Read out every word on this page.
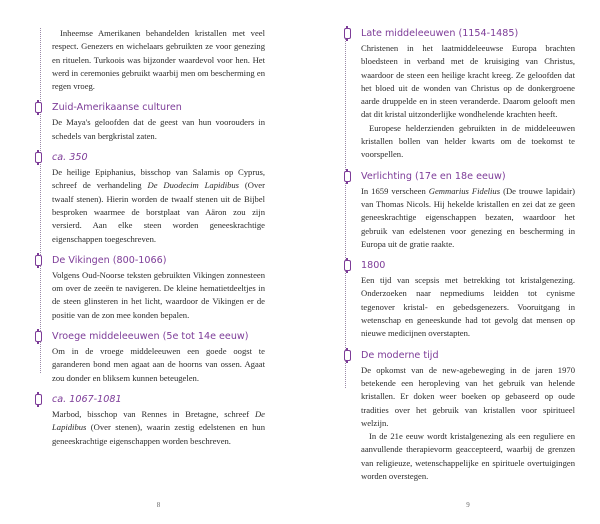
Inheemse Amerikanen behandelden kristallen met veel respect. Genezers en wichelaars gebruikten ze voor genezing en rituelen. Turkoois was bijzonder waardevol voor hen. Het werd in ceremonies gebruikt waarbij men om bescherming en regen vroeg.

Zuid-Amerikaanse culturen

De Maya's geloofden dat de geest van hun voorouders in schedels van bergkristal zaten.

ca. 350

De heilige Epiphanius, bisschop van Salamis op Cyprus, schreef de verhandeling De Duodecim Lapidibus (Over twaalf stenen). Hierin worden de twaalf stenen uit de Bijbel besproken waarmee de borstplaat van Aäron zou zijn versierd. Aan elke steen worden geneeskrachtige eigenschappen toegeschreven.

De Vikingen (800-1066)

Volgens Oud-Noorse teksten gebruikten Vikingen zonnesteen om over de zeeën te navigeren. De kleine hematietdeeltjes in de steen glinsteren in het licht, waardoor de Vikingen er de positie van de zon mee konden bepalen.

Vroege middeleeuwen (5e tot 14e eeuw)

Om in de vroege middeleeuwen een goede oogst te garanderen bond men agaat aan de hoorns van ossen. Agaat zou donder en bliksem kunnen beteugelen.

ca. 1067-1081

Marbod, bisschop van Rennes in Bretagne, schreef De Lapidibus (Over stenen), waarin zestig edelstenen en hun geneeskrachtige eigenschappen worden beschreven.

8
Late middeleeuwen (1154-1485)

Christenen in het laatmiddeleeuwse Europa brachten bloedsteen in verband met de kruisiging van Christus, waardoor de steen een heilige kracht kreeg. Ze geloofden dat het bloed uit de wonden van Christus op de donkergroene aarde druppelde en in steen veranderde. Daarom gelooft men dat dit kristal uitzonderlijke wondhelende krachten heeft.

Europese helderzienden gebruikten in de middeleeuwen kristallen bollen van helder kwarts om de toekomst te voorspellen.

Verlichting (17e en 18e eeuw)

In 1659 verscheen Gemmarius Fidelius (De trouwe lapidair) van Thomas Nicols. Hij hekelde kristallen en zei dat ze geen geneeskrachtige eigenschappen bezaten, waardoor het gebruik van edelstenen voor genezing en bescherming in Europa uit de gratie raakte.

1800

Een tijd van scepsis met betrekking tot kristalgenezing. Onderzoeken naar nepmediums leidden tot cynisme tegenover kristal- en gebedsgenezers. Vooruitgang in wetenschap en geneeskunde had tot gevolg dat mensen op nieuwe medicijnen overstapten.

De moderne tijd

De opkomst van de new-agebeweging in de jaren 1970 betekende een heropleving van het gebruik van helende kristallen. Er doken weer boeken op gebaseerd op oude tradities over het gebruik van kristallen voor spiritueel welzijn.

In de 21e eeuw wordt kristalgenezing als een reguliere en aanvullende therapievorm geaccepteerd, waarbij de grenzen van religieuze, wetenschappelijke en spirituele overtuigingen worden overstegen.

9
